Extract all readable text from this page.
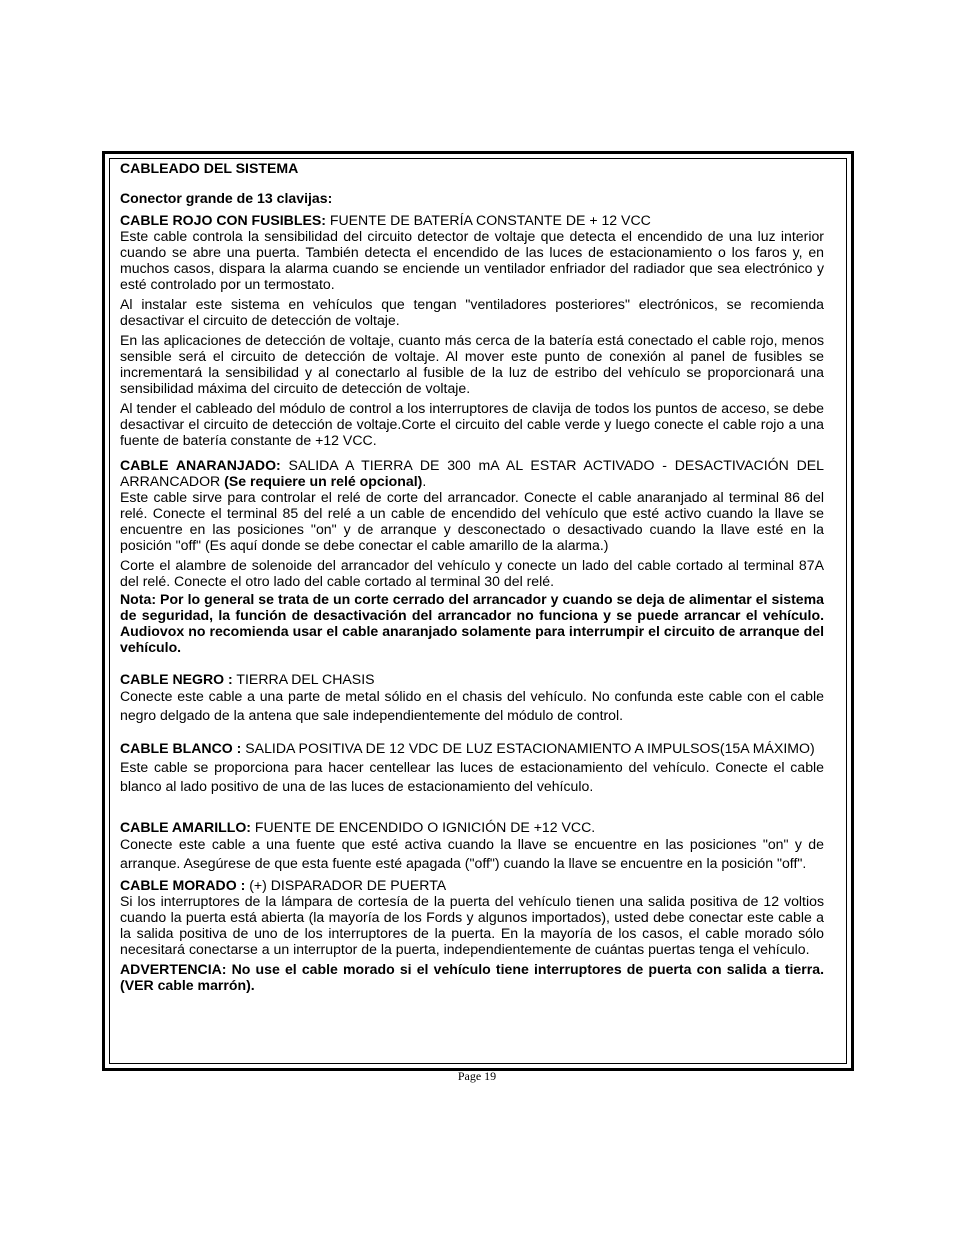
CABLEADO DEL SISTEMA

Conector grande de 13 clavijas:

CABLE ROJO CON FUSIBLES: FUENTE DE BATERÍA CONSTANTE DE + 12 VCC

Este cable controla la sensibilidad del circuito detector de voltaje que detecta el encendido de una luz interior cuando se abre una puerta. También detecta el encendido de las luces de estacionamiento o los faros y, en muchos casos, dispara la alarma cuando se enciende un ventilador enfriador del radiador que sea electrónico y esté controlado por un termostato.

Al instalar este sistema en vehículos que tengan "ventiladores posteriores" electrónicos, se recomienda desactivar el circuito de detección de voltaje.

En las aplicaciones de detección de voltaje, cuanto más cerca de la batería está conectado el cable rojo, menos sensible será el circuito de detección de voltaje. Al mover este punto de conexión al panel de fusibles se incrementará la sensibilidad y al conectarlo al fusible de la luz de estribo del vehículo se proporcionará una sensibilidad máxima del circuito de detección de voltaje.

Al tender el cableado del módulo de control a los interruptores de clavija de todos los puntos de acceso, se debe desactivar el circuito de detección de voltaje.Corte el circuito del cable verde y luego conecte el cable rojo a una fuente de batería constante de +12 VCC.

CABLE ANARANJADO: SALIDA A TIERRA DE 300 mA AL ESTAR ACTIVADO - DESACTIVACIÓN DEL ARRANCADOR (Se requiere un relé opcional).

Este cable sirve para controlar el relé de corte del arrancador. Conecte el cable anaranjado al terminal 86 del relé. Conecte el terminal 85 del relé a un cable de encendido del vehículo que esté activo cuando la llave se encuentre en las posiciones "on" y de arranque y desconectado o desactivado cuando la llave esté en la posición "off" (Es aquí donde se debe conectar el cable amarillo de la alarma.)

Corte el alambre de solenoide del arrancador del vehículo y conecte un lado del cable cortado al terminal 87A del relé. Conecte el otro lado del cable cortado al terminal 30 del relé.

Nota: Por lo general se trata de un corte cerrado del arrancador y cuando se deja de alimentar el sistema de seguridad, la función de desactivación del arrancador no funciona y se puede arrancar el vehículo. Audiovox no recomienda usar el cable anaranjado solamente para interrumpir el circuito de arranque del vehículo.

CABLE NEGRO : TIERRA DEL CHASIS

Conecte este cable a una parte de metal sólido en el chasis del vehículo. No confunda este cable con el cable negro delgado de la antena que sale independientemente del módulo de control.

CABLE BLANCO : SALIDA POSITIVA DE 12 VDC DE LUZ ESTACIONAMIENTO A IMPULSOS(15A MÁXIMO)

Este cable se proporciona para hacer centellear las luces de estacionamiento del vehículo. Conecte el cable blanco al lado positivo de una de las luces de estacionamiento del vehículo.

CABLE AMARILLO: FUENTE DE ENCENDIDO O IGNICIÓN DE +12 VCC.

Conecte este cable a una fuente que esté activa cuando la llave se encuentre en las posiciones "on" y de arranque. Asegúrese de que esta fuente esté apagada ("off") cuando la llave se encuentre en la posición "off".

CABLE MORADO : (+) DISPARADOR DE PUERTA

Si los interruptores de la lámpara de cortesía de la puerta del vehículo tienen una salida positiva de 12 voltios cuando la puerta está abierta (la mayoría de los Fords y algunos importados), usted debe conectar este cable a la salida positiva de uno de los interruptores de la puerta. En la mayoría de los casos, el cable morado sólo necesitará conectarse a un interruptor de la puerta, independientemente de cuántas puertas tenga el vehículo.

ADVERTENCIA: No use el cable morado si el vehículo tiene interruptores de puerta con salida a tierra. (VER cable marrón).

Page 19
